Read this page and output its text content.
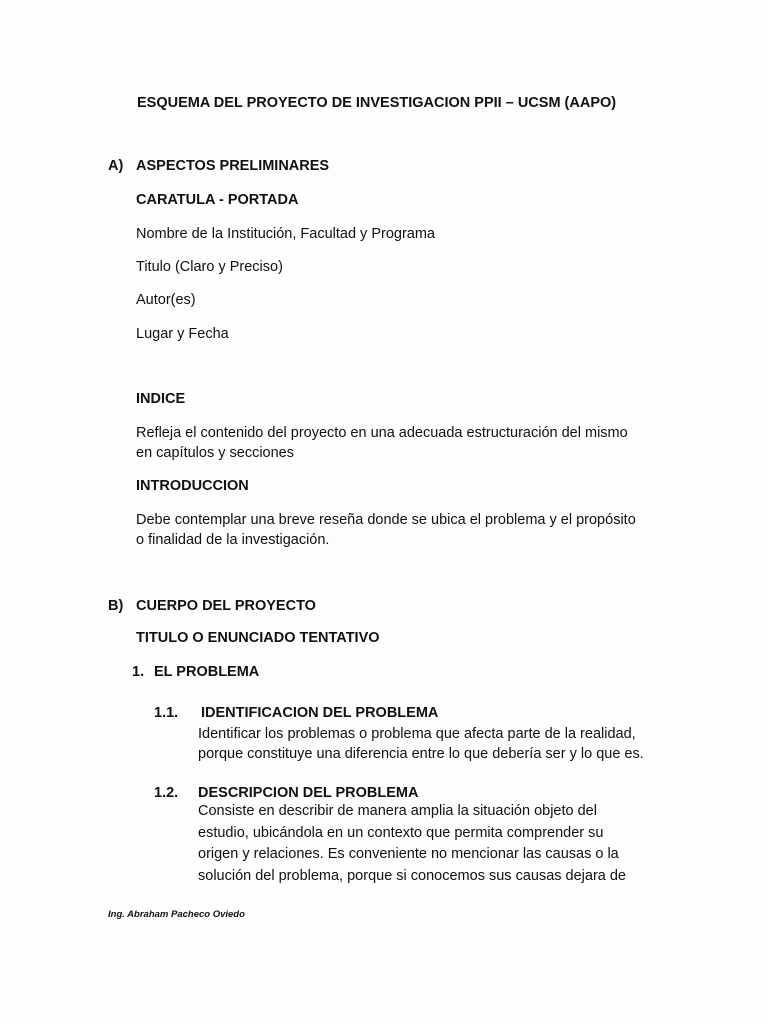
ESQUEMA DEL PROYECTO DE INVESTIGACION PPII – UCSM (AAPO)
A) ASPECTOS PRELIMINARES
CARATULA - PORTADA
Nombre de la Institución, Facultad y Programa
Titulo (Claro y Preciso)
Autor(es)
Lugar y Fecha
INDICE
Refleja el contenido del proyecto en una adecuada estructuración del mismo
en capítulos y secciones
INTRODUCCION
Debe contemplar una breve reseña donde se ubica el problema y el propósito
o finalidad de la investigación.
B) CUERPO DEL PROYECTO
TITULO O ENUNCIADO TENTATIVO
1. EL PROBLEMA
1.1. IDENTIFICACION DEL PROBLEMA
Identificar los problemas o problema que afecta parte de la realidad,
porque constituye una diferencia entre lo que debería ser y lo que es.
1.2. DESCRIPCION DEL PROBLEMA
Consiste en describir de manera amplia la situación objeto del
estudio, ubicándola en un contexto que permita comprender su
origen y relaciones. Es conveniente no mencionar las causas o la
solución del problema, porque si conocemos sus causas dejara de
Ing. Abraham Pacheco Oviedo
